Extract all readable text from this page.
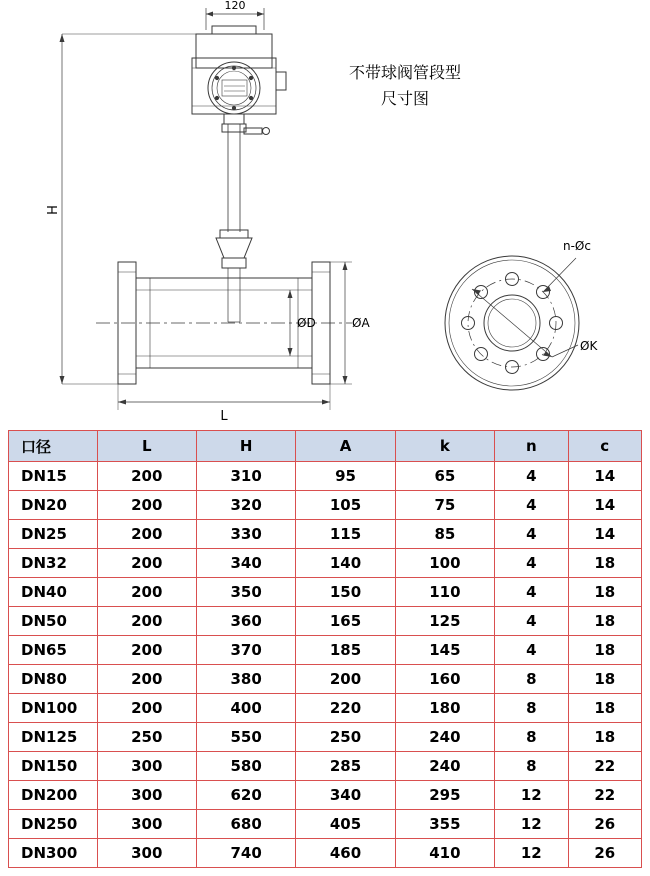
120
H
L
ØD	ØA
ØK
n-Øc
不带球阀管段型
尺寸图
口径	L	H	A	k	n	c
DN15	200	310	95	65	4	14
DN20	200	320	105	75	4	14
DN25	200	330	115	85	4	14
DN32	200	340	140	100	4	18
DN40	200	350	150	110	4	18
DN50	200	360	165	125	4	18
DN65	200	370	185	145	4	18
DN80	200	380	200	160	8	18
DN100	200	400	220	180	8	18
DN125	250	550	250	240	8	18
DN150	300	580	285	240	8	22
DN200	300	620	340	295	12	22
DN250	300	680	405	355	12	26
DN300	300	740	460	410	12	26
